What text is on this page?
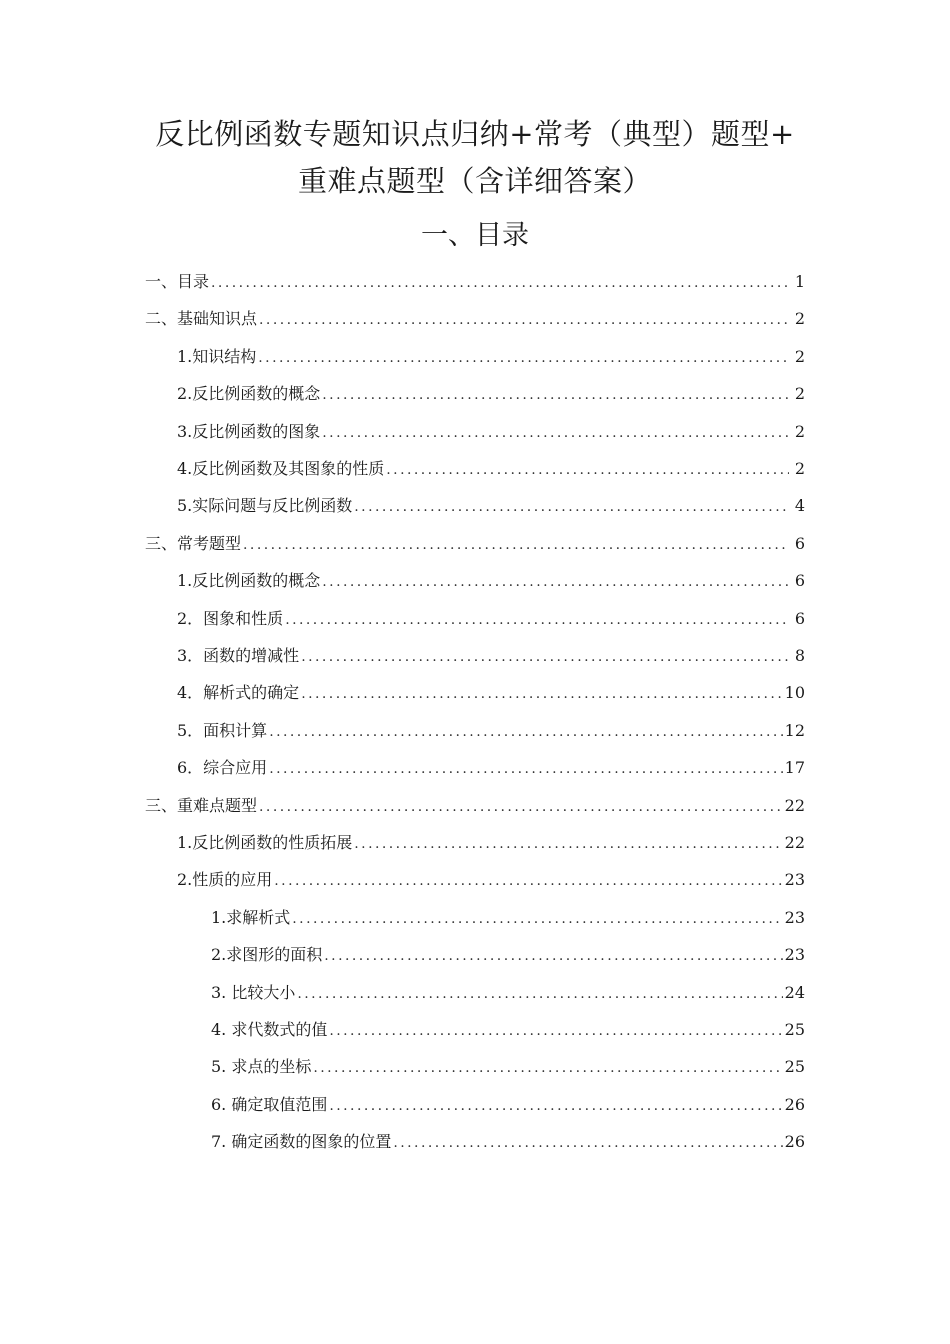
反比例函数专题知识点归纳+常考（典型）题型+
重难点题型（含详细答案）
一、目录
一、目录 . . .	1
二、基础知识点 . . .	2
1.知识结构 . . .	2
2.反比例函数的概念 . . .	2
3.反比例函数的图象 . . .	2
4.反比例函数及其图象的性质 . . .	2
5.实际问题与反比例函数 . . .	4
三、常考题型 . . .	6
1.反比例函数的概念 . . .	6
2．图象和性质 . . .	6
3．函数的增减性 . . .	8
4．解析式的确定 . . .	10
5．面积计算 . . .	12
6．综合应用 . . .	17
三、重难点题型 . . .	22
1.反比例函数的性质拓展 . . .	22
2.性质的应用 . . .	23
1.求解析式 . . .	23
2.求图形的面积 . . .	23
3. 比较大小 . . .	24
4. 求代数式的值 . . .	25
5. 求点的坐标 . . .	25
6. 确定取值范围 . . .	26
7. 确定函数的图象的位置 . . .	26
